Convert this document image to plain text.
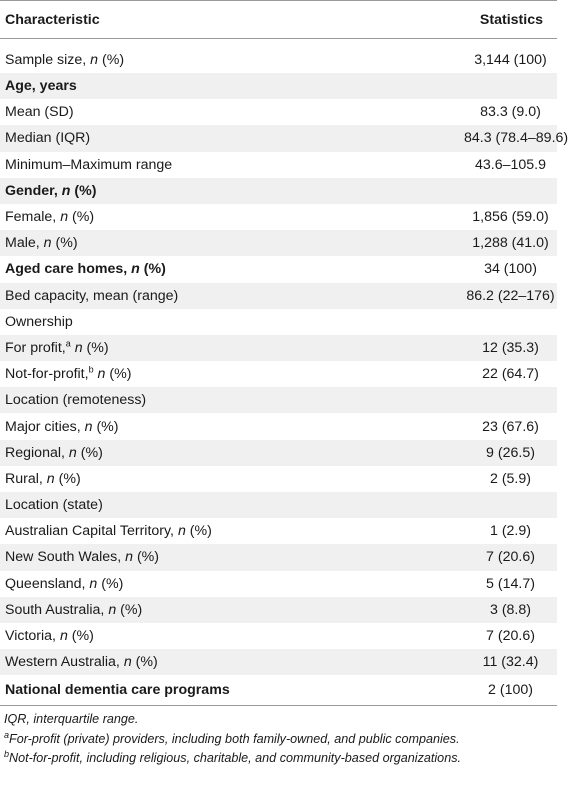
Characteristic	Statistics
Sample size, n (%)	3,144 (100)
Age, years	
Mean (SD)	83.3 (9.0)
Median (IQR)	84.3 (78.4–89.6)
Minimum–Maximum range	43.6–105.9
Gender, n (%)	
Female, n (%)	1,856 (59.0)
Male, n (%)	1,288 (41.0)
Aged care homes, n (%)	34 (100)
Bed capacity, mean (range)	86.2 (22–176)
Ownership	
For profit,$^a$ n (%)	12 (35.3)
Not-for-profit,$^b$ n (%)	22 (64.7)
Location (remoteness)	
Major cities, n (%)	23 (67.6)
Regional, n (%)	9 (26.5)
Rural, n (%)	2 (5.9)
Location (state)	
Australian Capital Territory, n (%)	1 (2.9)
New South Wales, n (%)	7 (20.6)
Queensland, n (%)	5 (14.7)
South Australia, n (%)	3 (8.8)
Victoria, n (%)	7 (20.6)
Western Australia, n (%)	11 (32.4)
National dementia care programs	2 (100)

IQR, interquartile range.

$^a$For-profit (private) providers, including both family-owned, and public companies.

$^b$Not-for-profit, including religious, charitable, and community-based organizations.
